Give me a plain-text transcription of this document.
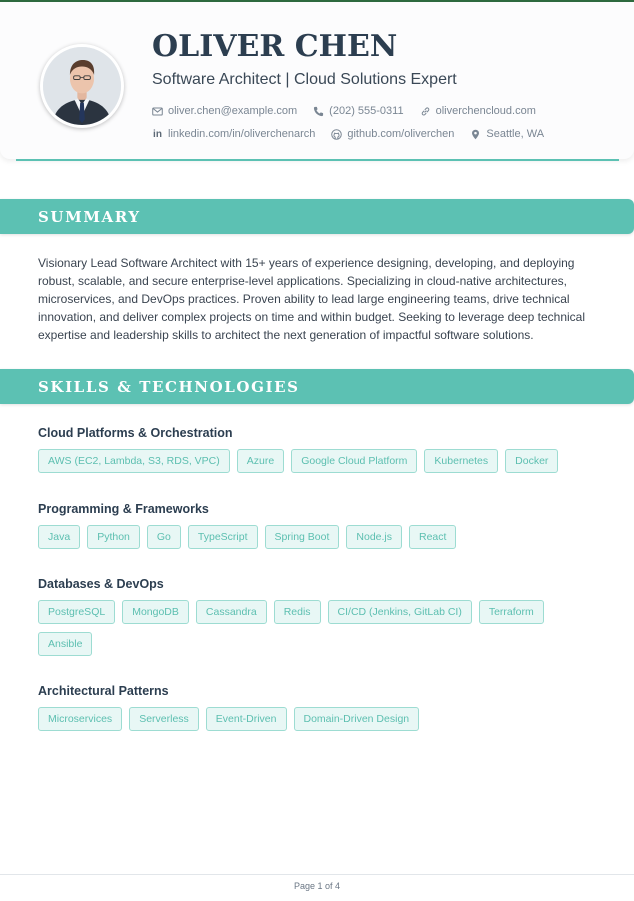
OLIVER CHEN
Software Architect | Cloud Solutions Expert
oliver.chen@example.com	(202) 555-0311	oliverchencloud.com
in linkedin.com/in/oliverchenarch	github.com/oliverchen	Seattle, WA
SUMMARY

Visionary Lead Software Architect with 15+ years of experience designing, developing, and deploying robust, scalable, and secure enterprise-level applications. Specializing in cloud-native architectures, microservices, and DevOps practices. Proven ability to lead large engineering teams, drive technical innovation, and deliver complex projects on time and within budget. Seeking to leverage deep technical expertise and leadership skills to architect the next generation of impactful software solutions.

SKILLS & TECHNOLOGIES
Cloud Platforms & Orchestration
AWS (EC2, Lambda, S3, RDS, VPC)	Azure	Google Cloud Platform	Kubernetes	Docker
Programming & Frameworks
Java	Python	Go	TypeScript	Spring Boot	Node.js	React
Databases & DevOps
PostgreSQL	MongoDB	Cassandra	Redis	CI/CD (Jenkins, GitLab CI)	Terraform
Ansible
Architectural Patterns
Microservices	Serverless	Event-Driven	Domain-Driven Design
Page 1 of 4
